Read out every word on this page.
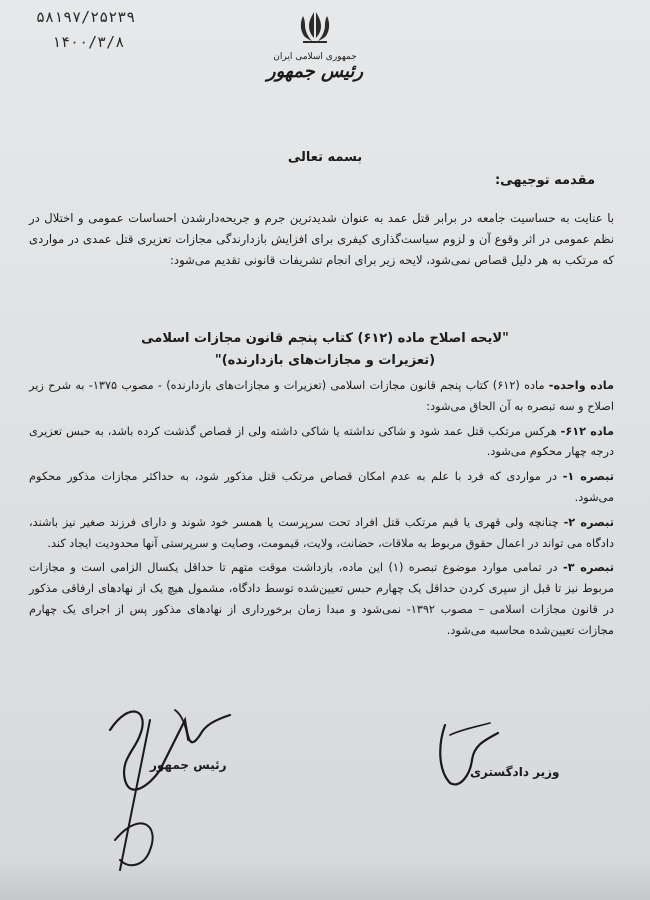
۵۸۱۹۷/۲۵۲۳۹
۱۴۰۰/۳/۸
جمهوری اسلامی ایران
رئیس جمهور
بسمه تعالی
مقدمه توجیهی:

با عنایت به حساسیت جامعه در برابر قتل عمد به عنوان شدیدترین جرم و جریحه‌دارشدن احساسات عمومی و اختلال در نظم عمومی در اثر وقوع آن و لزوم سیاست‌گذاری کیفری برای افزایش بازدارندگی مجازات تعزیری قتل عمدی در مواردی که مرتکب به هر دلیل قصاص نمی‌شود، لایحه زیر برای انجام تشریفات قانونی تقدیم می‌شود:

"لایحه اصلاح ماده (۶۱۲) کتاب پنجم قانون مجازات اسلامی
(تعزیرات و مجازات‌های بازدارنده)"

ماده واحده- ماده (۶۱۲) کتاب پنجم قانون مجازات اسلامی (تعزیرات و مجازات‌های بازدارنده) - مصوب ۱۳۷۵- به شرح زیر اصلاح و سه تبصره به آن الحاق می‌شود:

ماده ۶۱۲- هرکس مرتکب قتل عمد شود و شاکی نداشته یا شاکی داشته ولی از قصاص گذشت کرده باشد، به حبس تعزیری درجه چهار محکوم می‌شود.

تبصره ۱- در مواردی که فرد با علم به عدم امکان قصاص مرتکب قتل مذکور شود، به حداکثر مجازات مذکور محکوم می‌شود.

تبصره ۲- چنانچه ولی قهری یا قیم مرتکب قتل افراد تحت سرپرست یا همسر خود شوند و دارای فرزند صغیر نیز باشند، دادگاه می تواند در اعمال حقوق مربوط به ملاقات، حضانت، ولایت، قیمومت، وصایت و سرپرستی آنها محدودیت ایجاد کند.

تبصره ۳- در تمامی موارد موضوع تبصره (۱) این ماده، بازداشت موقت متهم تا حداقل یکسال الزامی است و مجازات مربوط نیز تا قبل از سپری کردن حداقل یک چهارم حبس تعیین‌شده توسط دادگاه، مشمول هیچ یک از نهادهای ارفاقی مذکور در قانون مجازات اسلامی – مصوب ۱۳۹۲- نمی‌شود و مبدا زمان برخورداری از نهادهای مذکور پس از اجرای یک چهارم مجازات تعیین‌شده محاسبه می‌شود.

رئیس جمهور	وزیر دادگستری
